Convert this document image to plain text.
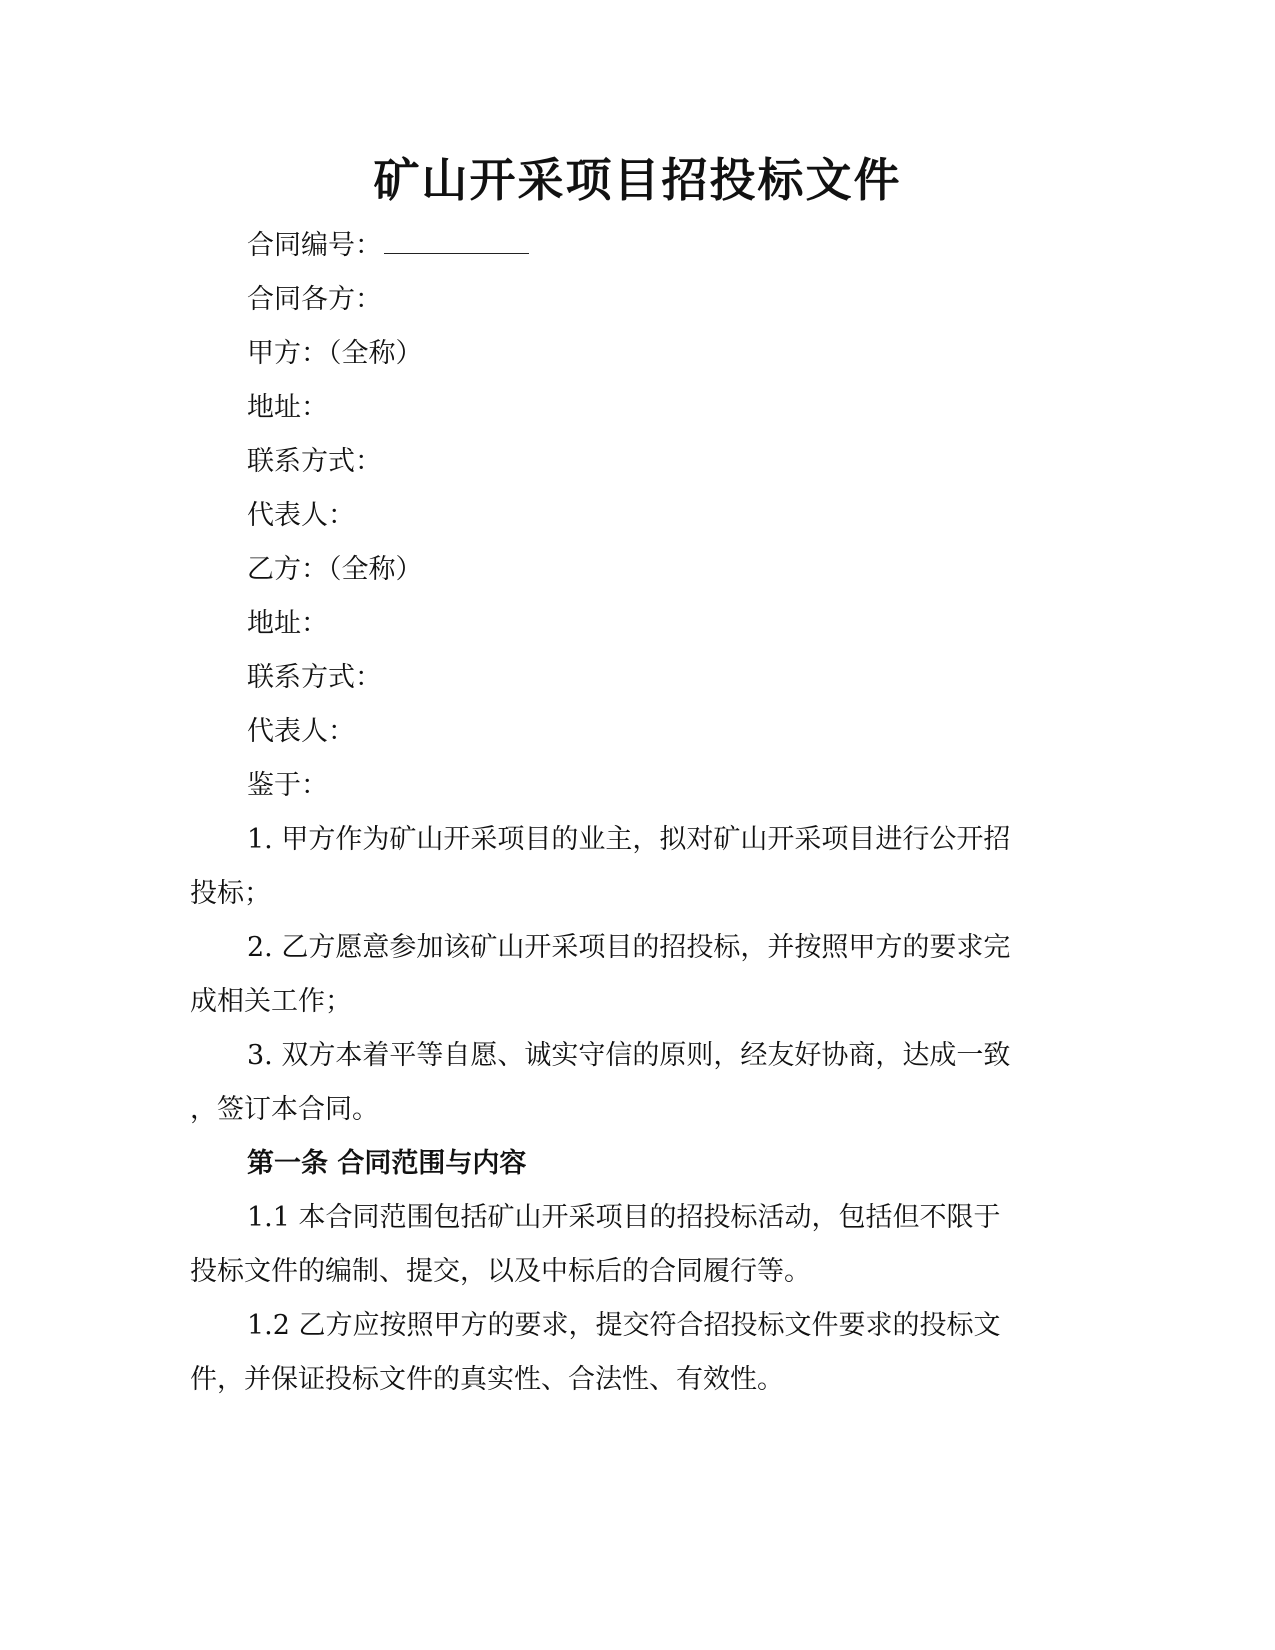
矿山开采项目招投标文件
合同编号：
合同各方：
甲方：（全称）
地址：
联系方式：
代表人：
乙方：（全称）
地址：
联系方式：
代表人：
鉴于：
1. 甲方作为矿山开采项目的业主，拟对矿山开采项目进行公开招
投标；
2. 乙方愿意参加该矿山开采项目的招投标，并按照甲方的要求完
成相关工作；
3. 双方本着平等自愿、诚实守信的原则，经友好协商，达成一致
，签订本合同。
第一条 合同范围与内容
1.1 本合同范围包括矿山开采项目的招投标活动，包括但不限于
投标文件的编制、提交，以及中标后的合同履行等。
1.2 乙方应按照甲方的要求，提交符合招投标文件要求的投标文
件，并保证投标文件的真实性、合法性、有效性。
